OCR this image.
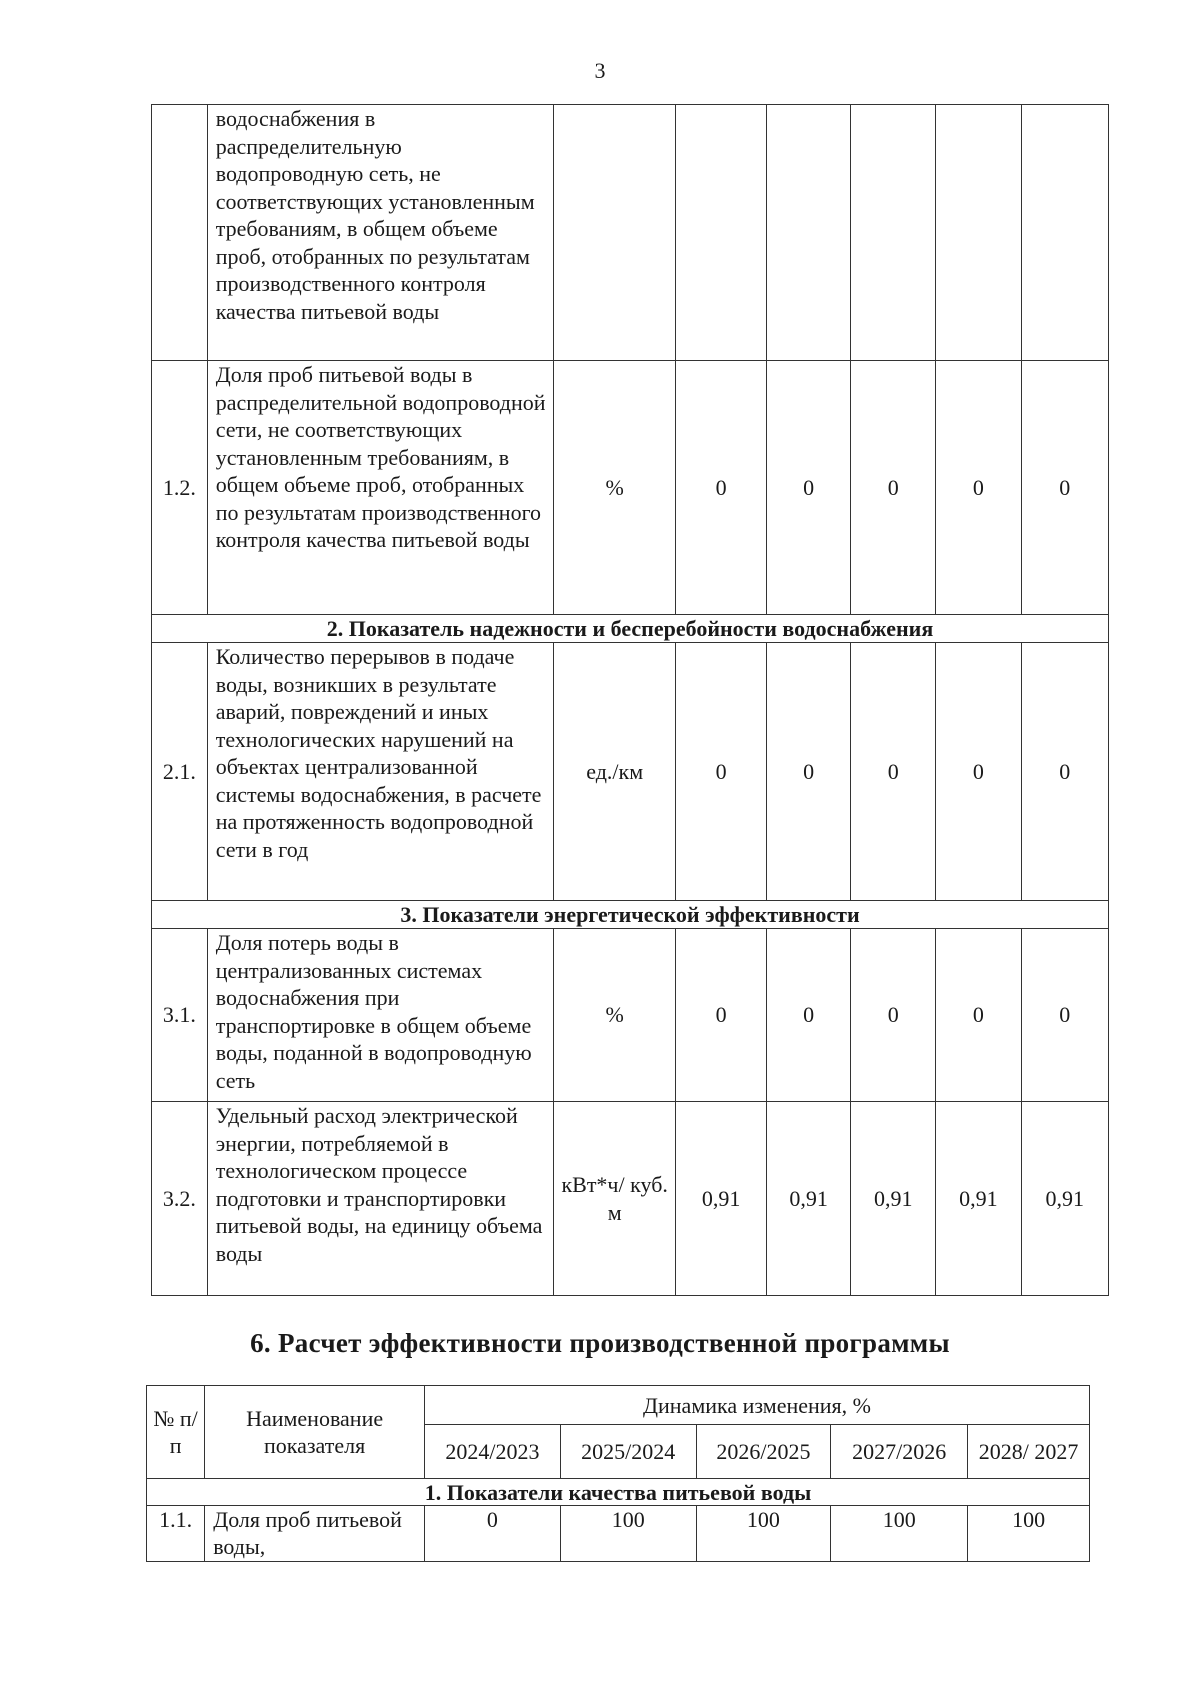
3
	водоснабжения в распределительную водопроводную сеть, не соответствующих установленным требованиям, в общем объеме проб, отобранных по результатам производственного контроля качества питьевой воды						
1.2.	Доля проб питьевой воды в распределительной водопроводной сети, не соответствующих установленным требованиям, в общем объеме проб, отобранных по результатам производственного контроля качества питьевой воды	%	0	0	0	0	0
2. Показатель надежности и бесперебойности водоснабжения							
2.1.	Количество перерывов в подаче воды, возникших в результате аварий, повреждений и иных технологических нарушений на объектах централизованной системы водоснабжения, в расчете на протяженность водопроводной сети в год	ед./км	0	0	0	0	0
3. Показатели энергетической эффективности							
3.1.	Доля потерь воды в централизованных системах водоснабжения при транспортировке в общем объеме воды, поданной в водопроводную сеть	%	0	0	0	0	0
3.2.	Удельный расход электрической энергии, потребляемой в технологическом процессе подготовки и транспортировки питьевой воды, на единицу объема воды	кВт*ч/ куб. м	0,91	0,91	0,91	0,91	0,91
6. Расчет эффективности производственной программы
№ п/п	Наименование показателя	Динамика изменения, %				
		2024/2023	2025/2024	2026/2025	2027/2026	2028/ 2027
1. Показатели качества питьевой воды						
1.1.	Доля проб питьевой воды,	0	100	100	100	100
